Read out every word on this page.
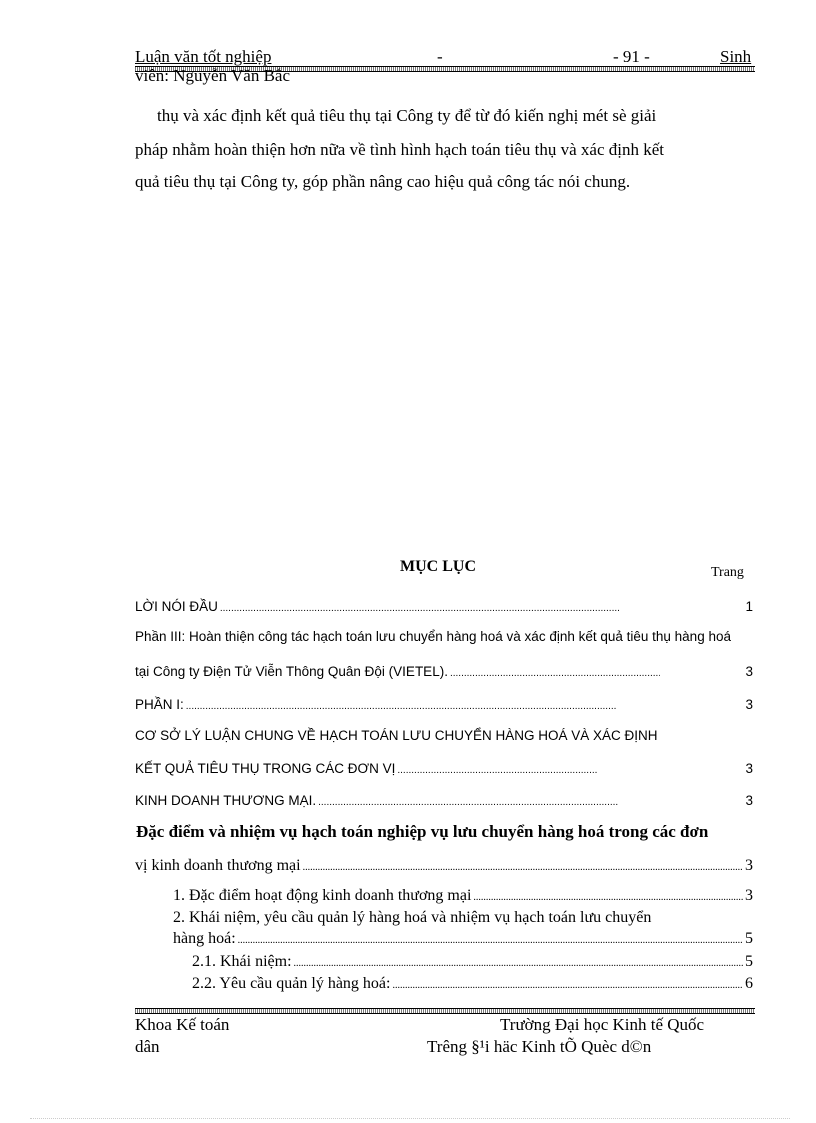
Luận văn tốt nghiệp	-	- 91 -	Sinh
viên: Nguyễn Văn Bắc
thụ và xác định kết quả tiêu thụ tại Công ty để từ đó kiến nghị mét sè giải
pháp nhằm hoàn thiện hơn nữa về tình hình hạch toán tiêu thụ và xác định kết
quả tiêu thụ tại Công ty, góp phần nâng cao hiệu quả công tác nói chung.
MỤC LỤC	Trang
LỜI NÓI ĐẦU .....	1
Phần III: Hoàn thiện công tác hạch toán lưu chuyển hàng hoá và xác định kết quả tiêu thụ hàng hoá
tại Công ty Điện Tử Viễn Thông Quân Đội (VIETEL). .....	3
PHẦN I: .....	3
CƠ SỞ LÝ LUẬN CHUNG VỀ HẠCH TOÁN LƯU CHUYỂN HÀNG HOÁ VÀ XÁC ĐỊNH
KẾT QUẢ TIÊU THỤ TRONG CÁC ĐƠN VỊ .....	3
KINH DOANH THƯƠNG MẠI. .....	3
Đặc điểm và nhiệm vụ hạch toán nghiệp vụ lưu chuyển hàng hoá trong các đơn
vị kinh doanh thương mại .....	3
1. Đặc điểm hoạt động kinh doanh thương mại .....	3
2. Khái niệm, yêu cầu quản lý hàng hoá và nhiệm vụ hạch toán lưu chuyển
hàng hoá: .....	5
2.1. Khái niệm: .....	5
2.2. Yêu cầu quản lý hàng hoá: .....	6
Khoa Kế toán	Trường Đại học Kinh tế Quốc
dân	Trêng §¹i häc Kinh tÕ Quèc d©n
